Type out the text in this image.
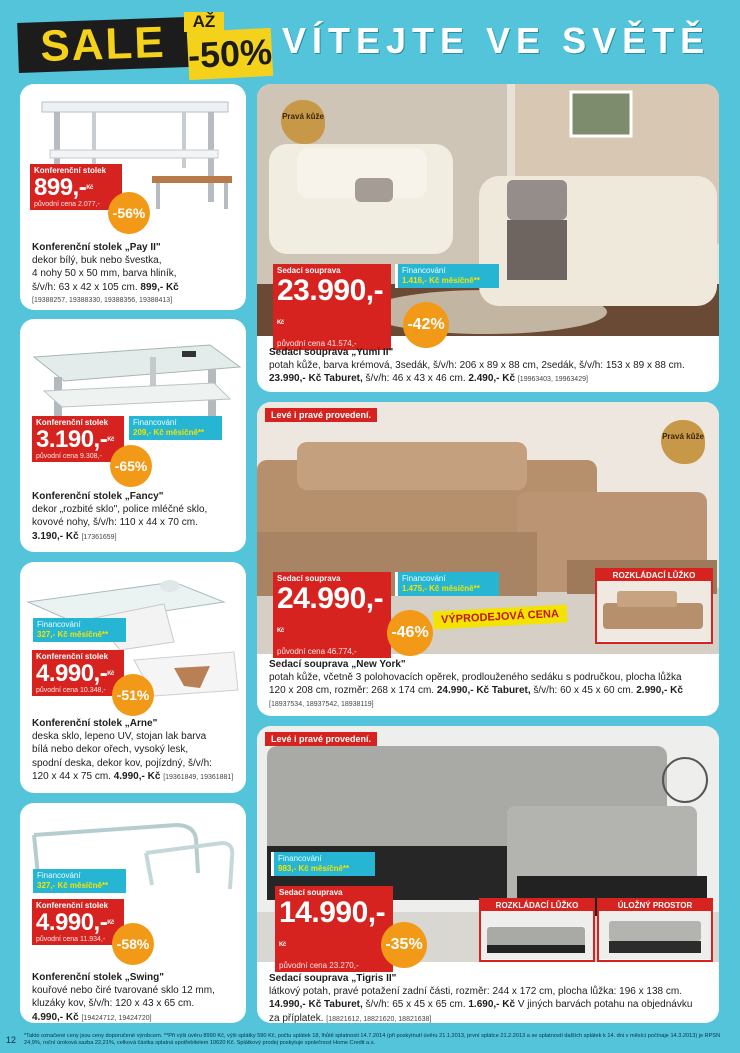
SALE	AŽ
-50% VÍTEJTE VE SVĚTĚ
Konferenční stolek
899,-$^{Kč}$
původní cena 2.077,-
-56%
Konferenční stolek „Pay II"
dekor bílý, buk nebo švestka,
4 nohy 50 x 50 mm, barva hliník,
š/v/h: 63 x 42 x 105 cm. 899,- Kč
[19388257, 19388330, 19388356, 19388413]
Konferenční stolek
3.190,-$^{Kč}$
původní cena 9.308,-
Financování
209,- Kč měsíčně**
-65%
Konferenční stolek „Fancy"
dekor „rozbité sklo", police mléčné sklo,
kovové nohy, š/v/h: 110 x 44 x 70 cm.
3.190,- Kč [17361659]
Financování
327,- Kč měsíčně**
Konferenční stolek
4.990,-$^{Kč}$
původní cena 10.348,- -51%
Konferenční stolek „Arne"
deska sklo, lepeno UV, stojan lak barva
bílá nebo dekor ořech, vysoký lesk,
spodní deska, dekor kov, pojízdný, š/v/h:
120 x 44 x 75 cm. 4.990,- Kč [19361849, 19361881]
Financování
327,- Kč měsíčně**
Konferenční stolek
4.990,-$^{Kč}$
původní cena 11.934,- -58%
Konferenční stolek „Swing"
kouřové nebo čiré tvarované sklo 12 mm,
kluzáky kov, š/v/h: 120 x 43 x 65 cm.
4.990,- Kč [19424712, 19424720]
Pravá kůže
Sedací souprava
23.990,-$^{Kč}$
původní cena 41.574,-
Financování
1.416,- Kč měsíčně**
-42%
Sedací souprava „Yumi II"
potah kůže, barva krémová, 3sedák, š/v/h: 206 x 89 x 88 cm, 2sedák, š/v/h: 153 x 89 x 88 cm.
23.990,- Kč Taburet, š/v/h: 46 x 43 x 46 cm. 2.490,- Kč [19963403, 19963429]
Levé i pravé provedení.
Pravá kůže
Sedací souprava
24.990,-$^{Kč}$
původní cena 46.774,-
Financování
1.475,- Kč měsíčně**
-46%
VÝPRODEJOVÁ CENA
ROZKLÁDACÍ LŮŽKO
Sedací souprava „New York"
potah kůže, včetně 3 polohovacích opěrek, prodlouženého sedáku s područkou, plocha lůžka
120 x 208 cm, rozměr: 268 x 174 cm. 24.990,- Kč Taburet, š/v/h: 60 x 45 x 60 cm. 2.990,- Kč
[18937534, 18937542, 18938119]
Levé i pravé provedení.
Financování
983,- Kč měsíčně**
Sedací souprava
14.990,-$^{Kč}$
původní cena 23.270,-
-35%
ROZKLÁDACÍ LŮŽKO	ÚLOŽNÝ PROSTOR
Sedací souprava „Tigris II"
látkový potah, pravé potažení zadní části, rozměr: 244 x 172 cm, plocha lůžka: 196 x 138 cm.
14.990,- Kč Taburet, š/v/h: 65 x 45 x 65 cm. 1.690,- Kč V jiných barvách potahu na objednávku
za příplatek. [18821612, 18821620, 18821638]
12 *Takto označené ceny jsou ceny doporučené výrobcem. **Při výši úvěru 8990 Kč, výši splátky 590 Kč, počtu splátek 18, lhůtě splatnosti 14.7.2014 (při poskytnutí úvěru 21.1.2013, první splátce 21.2.2013 a se splatností dalších splátek k 14. dni v měsíci počínaje 14.3.2013) je RPSN 24,9%, roční úroková sazba 22,21%, celková částka splatná spotřebitelem 10620 Kč. Splátkový prodej poskytuje společnost Home Credit a.s.
